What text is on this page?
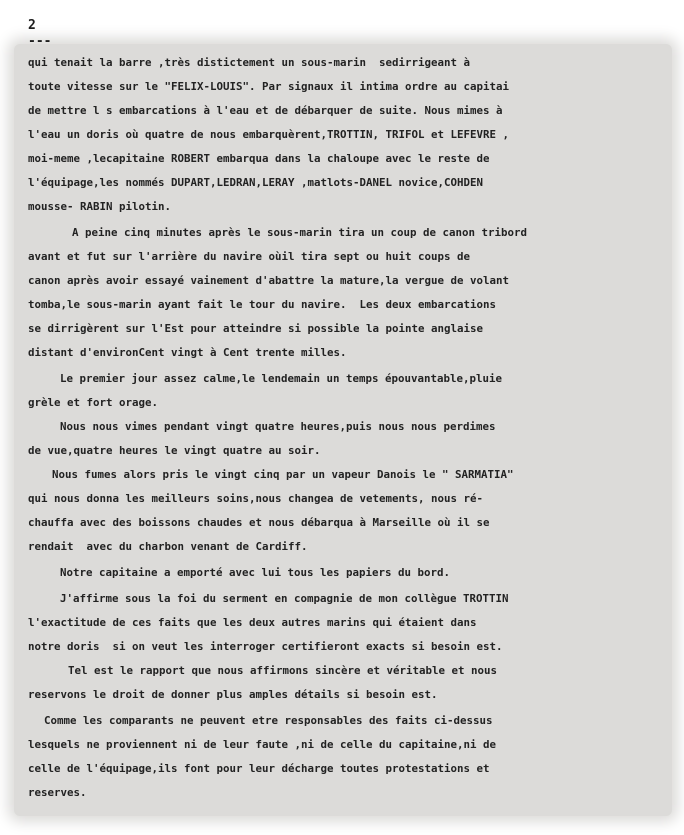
2
---
qui tenait la barre ,très distictement un sous-marin  sedirrigeant à
toute vitesse sur le "FELIX-LOUIS". Par signaux il intima ordre au capitai
de mettre l s embarcations à l'eau et de débarquer de suite. Nous mimes à
l'eau un doris où quatre de nous embarquèrent,TROTTIN, TRIFOL et LEFEVRE ,
moi-meme ,lecapitaine ROBERT embarqua dans la chaloupe avec le reste de
l'équipage,les nommés DUPART,LEDRAN,LERAY ,matlots-DANEL novice,COHDEN
mousse- RABIN pilotin.
A peine cinq minutes après le sous-marin tira un coup de canon tribord
avant et fut sur l'arrière du navire oùil tira sept ou huit coups de
canon après avoir essayé vainement d'abattre la mature,la vergue de volant
tomba,le sous-marin ayant fait le tour du navire.  Les deux embarcations
se dirrigèrent sur l'Est pour atteindre si possible la pointe anglaise
distant d'environCent vingt à Cent trente milles.
Le premier jour assez calme,le lendemain un temps épouvantable,pluie
grèle et fort orage.
Nous nous vimes pendant vingt quatre heures,puis nous nous perdimes
de vue,quatre heures le vingt quatre au soir.
Nous fumes alors pris le vingt cinq par un vapeur Danois le " SARMATIA"
qui nous donna les meilleurs soins,nous changea de vetements, nous ré-
chauffa avec des boissons chaudes et nous débarqua à Marseille où il se
rendait  avec du charbon venant de Cardiff.
Notre capitaine a emporté avec lui tous les papiers du bord.
J'affirme sous la foi du serment en compagnie de mon collègue TROTTIN
l'exactitude de ces faits que les deux autres marins qui étaient dans
notre doris  si on veut les interroger certifieront exacts si besoin est.
Tel est le rapport que nous affirmons sincère et véritable et nous
reservons le droit de donner plus amples détails si besoin est.
Comme les comparants ne peuvent etre responsables des faits ci-dessus
lesquels ne proviennent ni de leur faute ,ni de celle du capitaine,ni de
celle de l'équipage,ils font pour leur décharge toutes protestations et
reserves.
